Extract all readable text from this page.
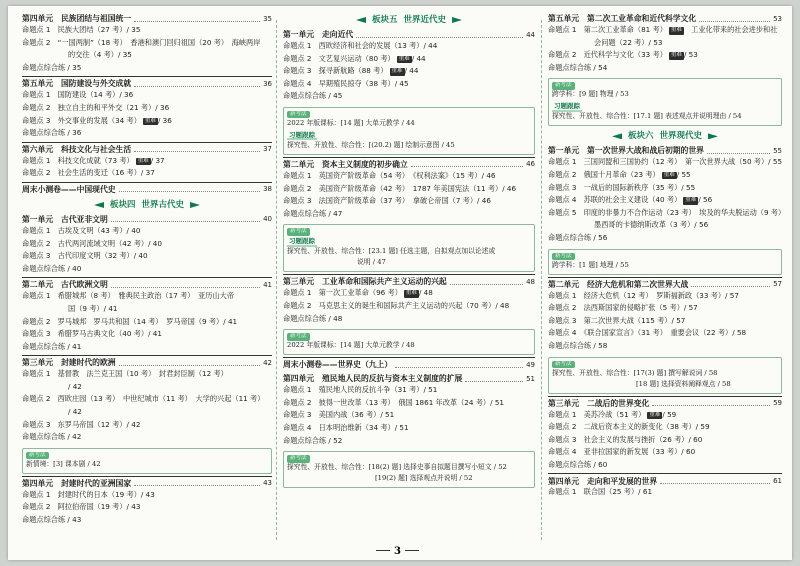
第四单元　民族团结与祖国统一	35
命题点 1　民族大团结（27 考）/ 35
命题点 2　“一国两制”（18 考）　香港和澳门回归祖国（20 考）　海峡两岸
的交往（4 考）/ 35
命题点综合练 / 35
第五单元　国防建设与外交成就	36
命题点 1　国防建设（14 考）/ 36
命题点 2　独立自主的和平外交（21 考）/ 36
命题点 3　外交事业的发展（34 考） 重难 / 36
命题点综合练 / 36
第六单元　科技文化与社会生活	37
命题点 1　科技文化成就（73 考） 重难 / 37
命题点 2　社会生活的变迁（16 考）/ 37
周末小测卷——中国现代史	38
板块四 世界古代史
第一单元　古代亚非文明	40
命题点 1　古埃及文明（43 考）/ 40
命题点 2　古代两河流域文明（42 考）/ 40
命题点 3　古代印度文明（32 考）/ 40
命题点综合练 / 40
第二单元　古代欧洲文明	41
命题点 1　希腊城邦（8 考）　雅典民主政治（17 考）　亚历山大帝
国（9 考）/ 41
命题点 2　罗马城邦　罗马共和国（14 考）　罗马帝国（9 考）/ 41
命题点 3　希腊罗马古典文化（40 考）/ 41
命题点综合练 / 41
第三单元　封建时代的欧洲	42
命题点 1　基督教　法兰克王国（10 考）　封君封臣制（12 考）
/ 42
命题点 2　西欧庄园（13 考）　中世纪城市（11 考）　大学的兴起（11 考）
/ 42
命题点 3　东罗马帝国（12 考）/ 42
命题点综合练 / 42
新考法
新情境：[3] 课本剧 / 42
第四单元　封建时代的亚洲国家	43
命题点 1　封建时代的日本（19 考）/ 43
命题点 2　阿拉伯帝国（19 考）/ 43
命题点综合练 / 43
板块五 世界近代史
第一单元　走向近代	44
命题点 1　西欧经济和社会的发展（13 考）/ 44
命题点 2　文艺复兴运动（80 考） 重难 / 44
命题点 3　探寻新航路（88 考） 重难 / 44
命题点 4　早期殖民掠夺（38 考）/ 45
命题点综合练 / 45
新考法
2022 年版课标：[14 题] 大单元教学 / 44
习题跟踪
探究性、开放性、综合性：[(20.2) 题] 绘制示意图 / 45
第二单元　资本主义制度的初步确立	46
命题点 1　英国资产阶级革命（54 考）　《权利法案》（15 考）/ 46
命题点 2　美国资产阶级革命（42 考）　1787 年美国宪法（11 考）/ 46
命题点 3　法国资产阶级革命（37 考）　拿破仑帝国（7 考）/ 46
命题点综合练 / 47
新考法
习题跟踪
探究性、开放性、综合性：[23.1 题] 任选主题，自拟观点加以论述或
说明 / 47
第三单元　工业革命和国际共产主义运动的兴起	48
命题点 1　第一次工业革命（96 考） 重难 / 48
命题点 2　马克思主义的诞生和国际共产主义运动的兴起（70 考）/ 48
命题点综合练 / 48
新考法
2022 年版课标：[14 题] 大单元教学 / 48
周末小测卷——世界史（九上）	49
第四单元　殖民地人民的反抗与资本主义制度的扩展	51
命题点 1　殖民地人民的反抗斗争（31 考）/ 51
命题点 2　彼得一世改革（13 考）　俄国 1861 年改革（24 考）/ 51
命题点 3　美国内战（36 考）/ 51
命题点 4　日本明治维新（34 考）/ 51
命题点综合练 / 52
新考法
探究性、开放性、综合性：[18(2) 题] 选择史事自拟题目撰写小短文 / 52
[19(2) 题] 选择观点并说明 / 52
第五单元　第二次工业革命和近代科学文化	53
命题点 1　第二次工业革命（81 考） 重难　工业化带来的社会进步和社
会问题（22 考）/ 53
命题点 2　近代科学与文化（33 考） 重难 / 53
命题点综合练 / 54
新考法
跨学科：[9 题] 物理 / 53
习题跟踪
探究性、开放性、综合性：[17.1 题] 表述观点并说明理由 / 54
板块六 世界现代史
第一单元　第一次世界大战和战后初期的世界	55
命题点 1　三国同盟和三国协约（12 考）　第一次世界大战（50 考）/ 55
命题点 2　俄国十月革命（23 考） 重难 / 55
命题点 3　一战后的国际新秩序（35 考）/ 55
命题点 4　苏联的社会主义建设（40 考） 重难 / 56
命题点 5　印度的非暴力不合作运动（23 考）　埃及的华夫脱运动（9 考）
墨西哥的卡德纳斯改革（3 考）/ 56
命题点综合练 / 56
新考法
跨学科：[1 题] 地理 / 55
第二单元　经济大危机和第二次世界大战	57
命题点 1　经济大危机（12 考）　罗斯福新政（33 考）/ 57
命题点 2　法西斯国家的侵略扩张（5 考）/ 57
命题点 3　第二次世界大战（115 考）/ 57
命题点 4　《联合国家宣言》（31 考）　重要会议（22 考）/ 58
命题点综合练 / 58
新考法
探究性、开放性、综合性：[17(3) 题] 撰写解说词 / 58
[18 题] 选择资料阐释观点 / 58
第三单元　二战后的世界变化	59
命题点 1　美苏冷战（51 考） 重难 / 59
命题点 2　二战后资本主义的新变化（38 考）/ 59
命题点 3　社会主义的发展与挫折（26 考）/ 60
命题点 4　亚非拉国家的新发展（33 考）/ 60
命题点综合练 / 60
第四单元　走向和平发展的世界	61
命题点 1　联合国（25 考）/ 61
3
